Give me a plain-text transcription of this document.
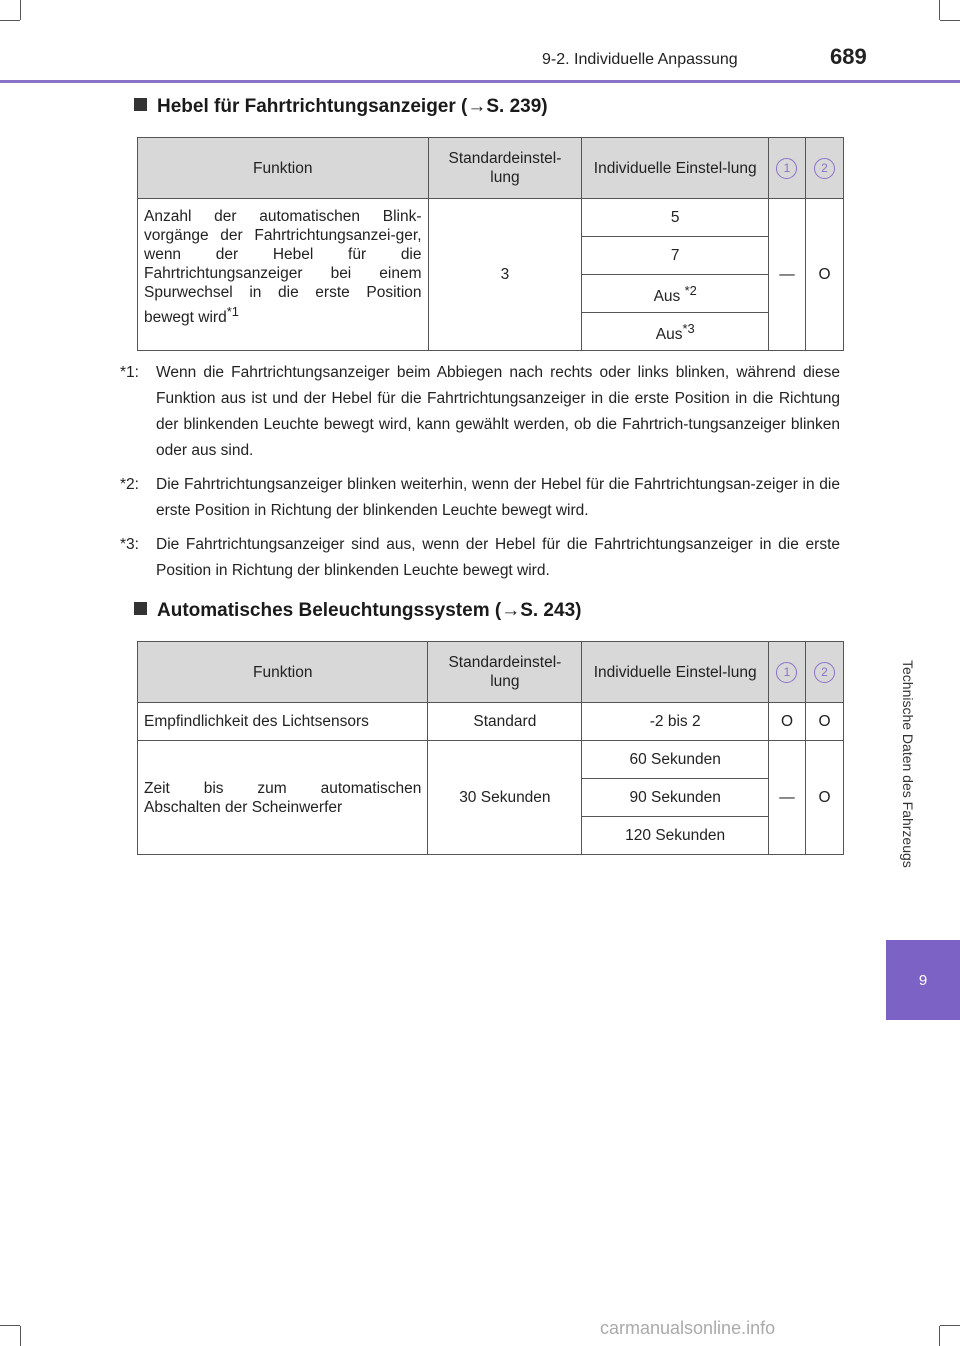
9-2. Individuelle Anpassung	689
Technische Daten des Fahrzeugs
9
Hebel für Fahrtrichtungsanzeiger (→S. 239)
Funktion	Standardeinstel-lung	Individuelle Einstel-lung	1	2
Anzahl der automatischen Blink-vorgänge der Fahrtrichtungsanzei-ger, wenn der Hebel für die Fahrtrichtungsanzeiger bei einem Spurwechsel in die erste Position
bewegt wird$^{*1}$	3	5	—	O
		7		
		Aus $^{*2}$
		Aus$^{*3}$
*1:	Wenn die Fahrtrichtungsanzeiger beim Abbiegen nach rechts oder links blinken, während diese Funktion aus ist und der Hebel für die Fahrtrichtungsanzeiger in die erste Position in die Richtung der blinkenden Leuchte bewegt wird, kann gewählt werden, ob die Fahrtrich-tungsanzeiger blinken oder aus sind.
*2:	Die Fahrtrichtungsanzeiger blinken weiterhin, wenn der Hebel für die Fahrtrichtungsan-zeiger in die erste Position in Richtung der blinkenden Leuchte bewegt wird.
*3:	Die Fahrtrichtungsanzeiger sind aus, wenn der Hebel für die Fahrtrichtungsanzeiger in die erste Position in Richtung der blinkenden Leuchte bewegt wird.
Automatisches Beleuchtungssystem (→S. 243)
Funktion	Standardeinstel-lung	Individuelle Einstel-lung	1	2
Empfindlichkeit des Lichtsensors	Standard	-2 bis 2	O	O
Zeit bis zum automatischen
Abschalten der Scheinwerfer	30 Sekunden	60 Sekunden	—	O
		90 Sekunden		
		120 Sekunden		
carmanualsonline.info
